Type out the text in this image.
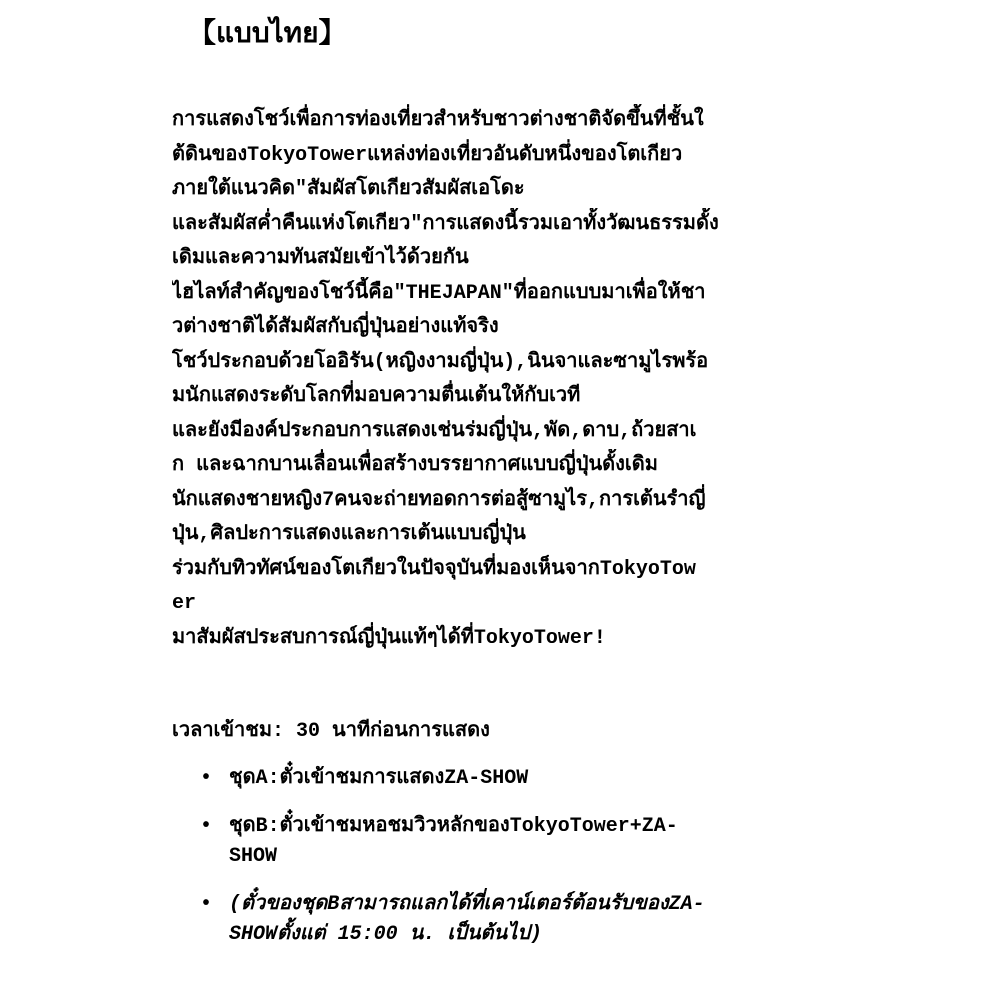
【แบบไทย】
การแสดงโชว์เพื่อการท่องเที่ยวสำหรับชาวต่างชาติจัดขึ้นที่ชั้นใ
ต้ดินของTokyoTowerแหล่งท่องเที่ยวอันดับหนึ่งของโตเกียว
ภายใต้แนวคิด"สัมผัสโตเกียวสัมผัสเอโดะ
และสัมผัสค่ำคืนแห่งโตเกียว"การแสดงนี้รวมเอาทั้งวัฒนธรรมดั้ง
เดิมและความทันสมัยเข้าไว้ด้วยกัน
ไฮไลท์สำคัญของโชว์นี้คือ"THEJAPAN"ที่ออกแบบมาเพื่อให้ชา
วต่างชาติได้สัมผัสกับญี่ปุ่นอย่างแท้จริง
โชว์ประกอบด้วยโออิรัน(หญิงงามญี่ปุ่น),นินจาและซามูไรพร้อ
มนักแสดงระดับโลกที่มอบความตื่นเต้นให้กับเวที
และยังมีองค์ประกอบการแสดงเช่นร่มญี่ปุ่น,พัด,ดาบ,ถ้วยสาเ
ก และฉากบานเลื่อนเพื่อสร้างบรรยากาศแบบญี่ปุ่นดั้งเดิม
นักแสดงชายหญิง7คนจะถ่ายทอดการต่อสู้ซามูไร,การเต้นรำญี่
ปุ่น,ศิลปะการแสดงและการเต้นแบบญี่ปุ่น
ร่วมกับทิวทัศน์ของโตเกียวในปัจจุบันที่มองเห็นจากTokyoTow
er
มาสัมผัสประสบการณ์ญี่ปุ่นแท้ๆได้ที่TokyoTower!

เวลาเข้าชม: 30 นาทีก่อนการแสดง

• ชุดA:ตั๋วเข้าชมการแสดงZA-SHOW
• ชุดB:ตั๋วเข้าชมหอชมวิวหลักของTokyoTower+ZA-
SHOW
• (ตั๋วของชุดBสามารถแลกได้ที่เคาน์เตอร์ต้อนรับของZA-
SHOWตั้งแต่ 15:00 น. เป็นต้นไป)
